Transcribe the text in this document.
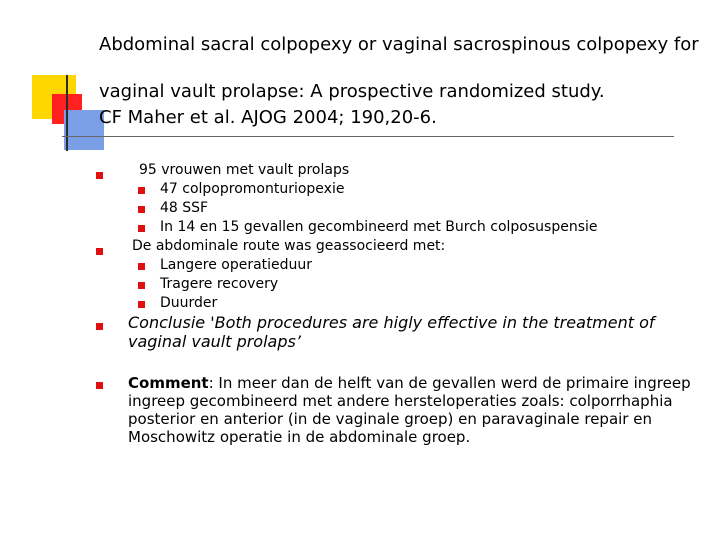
Abdominal sacral colpopexy or vaginal sacrospinous colpopexy for
vaginal vault prolapse: A prospective randomized study.
CF Maher et al. AJOG 2004; 190,20-6.
95 vrouwen met vault prolaps
47 colpopromonturiopexie
48 SSF
In 14 en 15 gevallen gecombineerd met Burch colposuspensie
De abdominale route was geassocieerd met:
Langere operatieduur
Tragere recovery
Duurder
Conclusie 'Both procedures are higly effective in the treatment of vaginal vault prolaps’
Comment: In meer dan de helft van de gevallen werd de primaire ingreep ingreep gecombineerd met andere hersteloperaties zoals: colporrhaphia posterior en anterior (in de vaginale groep) en paravaginale repair en Moschowitz operatie in de abdominale groep.
